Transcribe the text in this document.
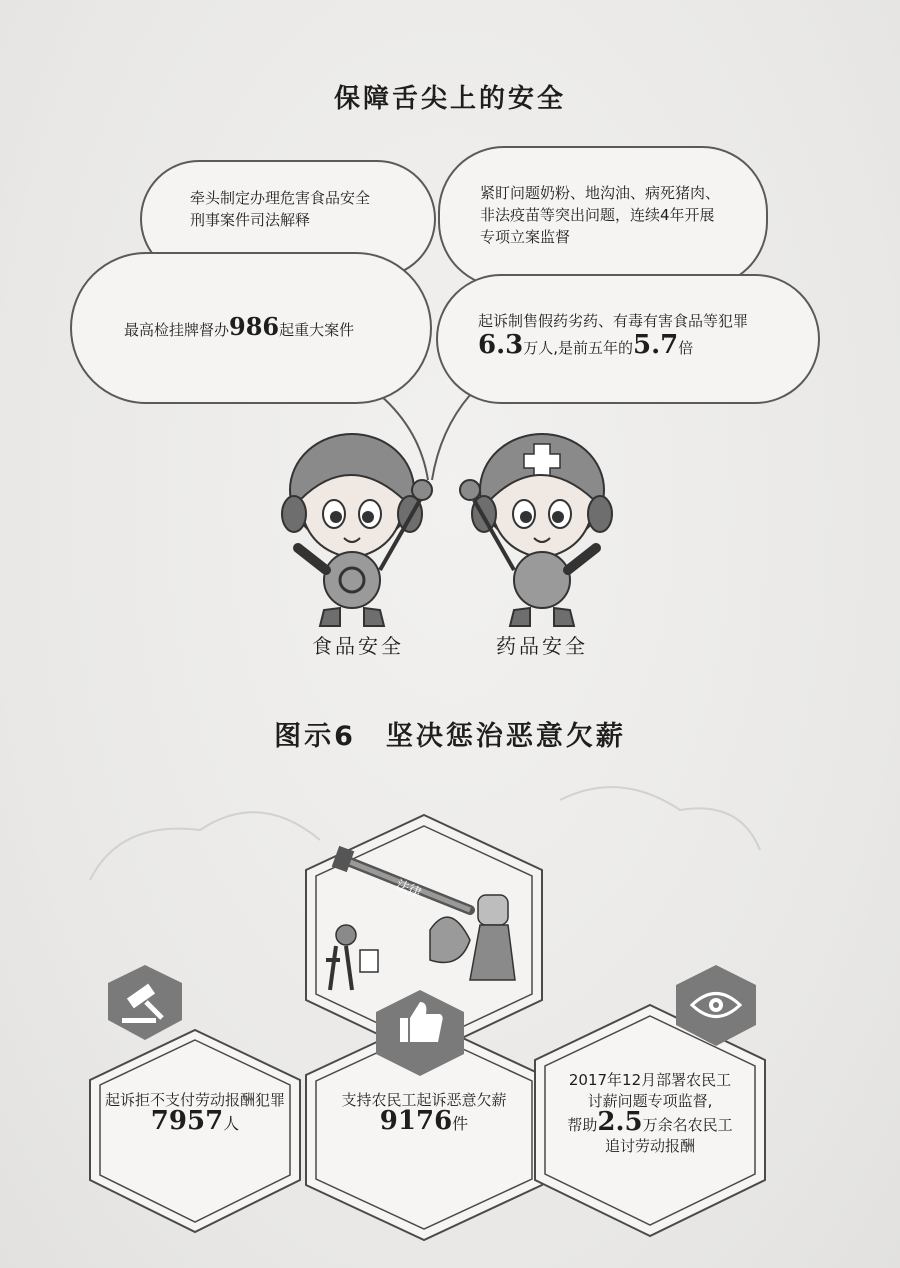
保障舌尖上的安全
牵头制定办理危害食品安全
刑事案件司法解释
紧盯问题奶粉、地沟油、病死猪肉、
非法疫苗等突出问题，连续4年开展
专项立案监督
最高检挂牌督办986起重大案件	起诉制售假药劣药、有毒有害食品等犯罪
6.3万人,是前五年的5.7倍
食品安全	药品安全
图示6　坚决惩治恶意欠薪
法律
起诉拒不支付劳动报酬犯罪
7957人
支持农民工起诉恶意欠薪
9176件
2017年12月部署农民工
讨薪问题专项监督,
帮助2.5万余名农民工
追讨劳动报酬
